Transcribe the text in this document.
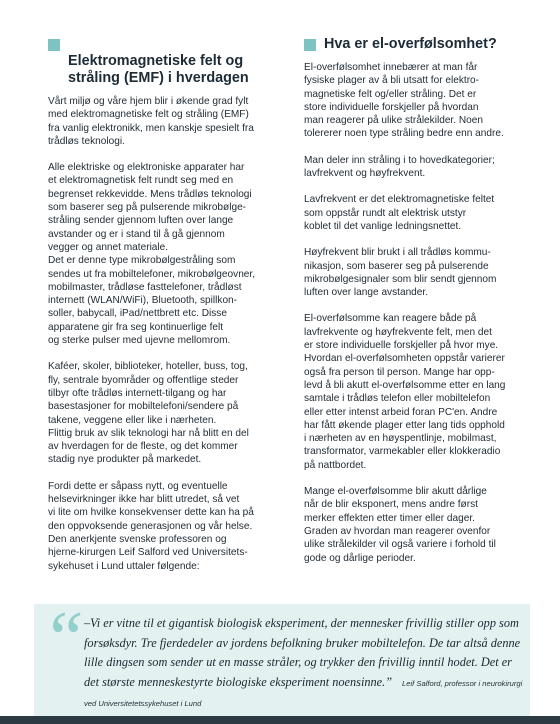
Elektromagnetiske felt og
stråling (EMF) i hverdagen

Vårt miljø og våre hjem blir i økende grad fylt
med elektromagnetiske felt og stråling (EMF)
fra vanlig elektronikk, men kanskje spesielt fra
trådløs teknologi.

Alle elektriske og elektroniske apparater har
et elektromagnetisk felt rundt seg med en
begrenset rekkevidde. Mens trådløs teknologi
som baserer seg på pulserende mikrobølge-
stråling sender gjennom luften over lange
avstander og er i stand til å gå gjennom
vegger og annet materiale.

Det er denne type mikrobølgestråling som
sendes ut fra mobiltelefoner, mikrobølgeovner,
mobilmaster, trådløse fasttelefoner, trådløst
internett (WLAN/WiFi), Bluetooth, spillkon-
soller, babycall, iPad/nettbrett etc. Disse
apparatene gir fra seg kontinuerlige felt
og sterke pulser med ujevne mellomrom.

Kaféer, skoler, biblioteker, hoteller, buss, tog,
fly, sentrale byområder og offentlige steder
tilbyr ofte trådløs internett-tilgang og har
basestasjoner for mobiltelefoni/sendere på
takene, veggene eller like i nærheten.

Flittig bruk av slik teknologi har nå blitt en del
av hverdagen for de fleste, og det kommer
stadig nye produkter på markedet.

Fordi dette er såpass nytt, og eventuelle
helsevirkninger ikke har blitt utredet, så vet
vi lite om hvilke konsekvenser dette kan ha på
den oppvoksende generasjonen og vår helse.

Den anerkjente svenske professoren og
hjerne-kirurgen Leif Salford ved Universitets-
sykehuset i Lund uttaler følgende:

Hva er el-overfølsomhet?

El-overfølsomhet innebærer at man får
fysiske plager av å bli utsatt for elektro-
magnetiske felt og/eller stråling. Det er
store individuelle forskjeller på hvordan
man reagerer på ulike strålekilder. Noen
tolererer noen type stråling bedre enn andre.

Man deler inn stråling i to hovedkategorier;
lavfrekvent og høyfrekvent.

Lavfrekvent er det elektromagnetiske feltet
som oppstår rundt alt elektrisk utstyr
koblet til det vanlige ledningsnettet.

Høyfrekvent blir brukt i all trådløs kommu-
nikasjon, som baserer seg på pulserende
mikrobølgesignaler som blir sendt gjennom
luften over lange avstander.

El-overfølsomme kan reagere både på
lavfrekvente og høyfrekvente felt, men det
er store individuelle forskjeller på hvor mye.
Hvordan el-overfølsomheten oppstår varierer
også fra person til person. Mange har opp-
levd å bli akutt el-overfølsomme etter en lang
samtale i trådløs telefon eller mobiltelefon
eller etter intenst arbeid foran PC'en. Andre
har fått økende plager etter lang tids opphold
i nærheten av en høyspentlinje, mobilmast,
transformator, varmekabler eller klokkeradio
på nattbordet.

Mange el-overfølsomme blir akutt dårlige
når de blir eksponert, mens andre først
merker effekten etter timer eller dager.
Graden av hvordan man reagerer ovenfor
ulike strålekilder vil også variere i forhold til
gode og dårlige perioder.

“ –Vi er vitne til et gigantisk biologisk eksperiment, der mennesker frivillig stiller opp som forsøksdyr. Tre fjerdedeler av jordens befolkning bruker mobiltelefon. De tar altså denne lille dingsen som sender ut en masse stråler, og trykker den frivillig inntil hodet. Det er det største menneskestyrte biologiske eksperiment noensinne.” Leif Salford, professor i neurokirurgi ved Universitetetssykehuset i Lund
